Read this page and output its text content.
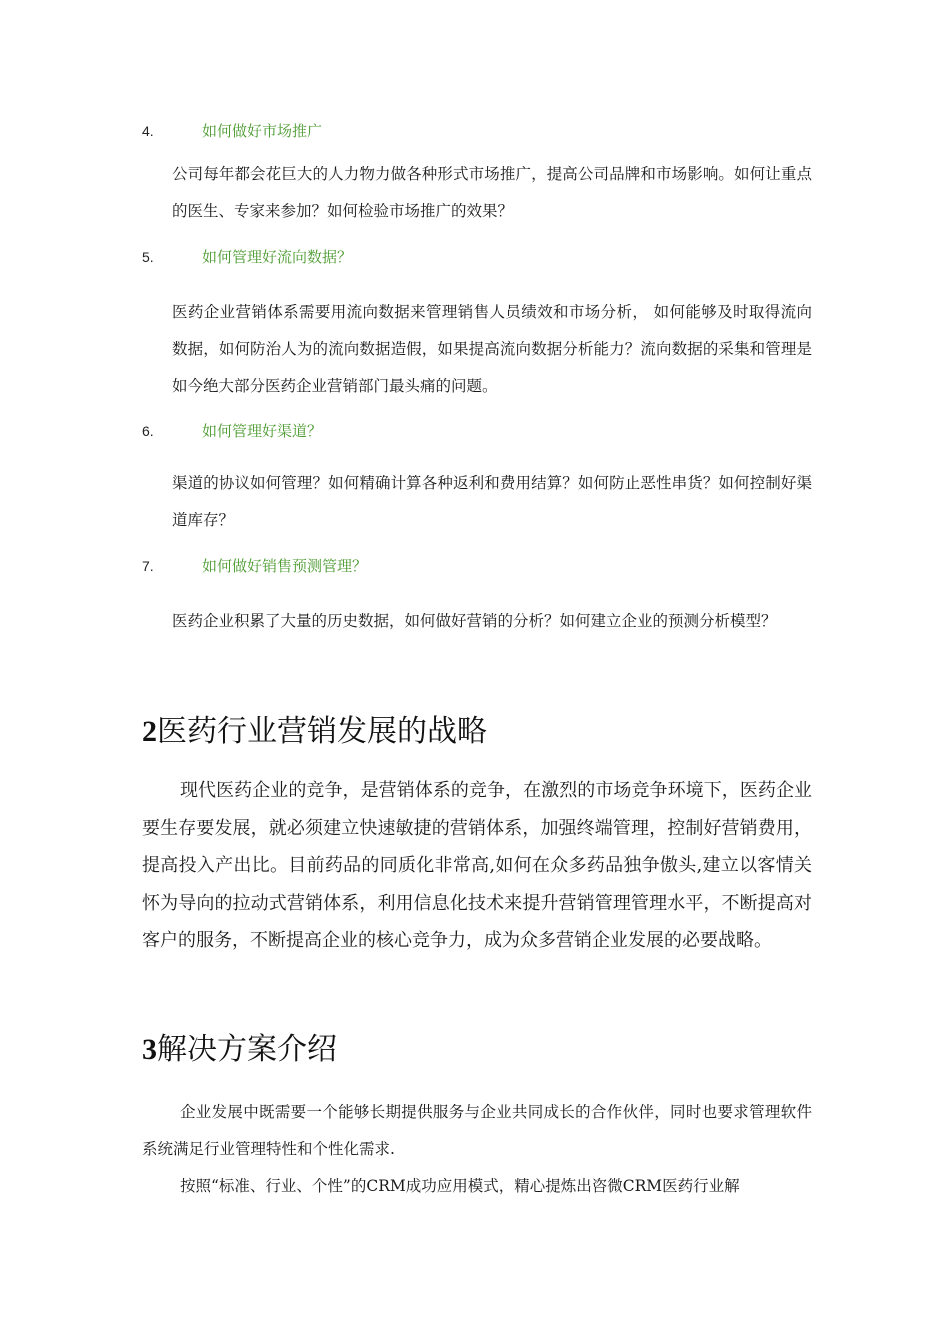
4.	如何做好市场推广
公司每年都会花巨大的人力物力做各种形式市场推广，提高公司品牌和市场影响。如何让重点的医生、专家来参加？如何检验市场推广的效果？
5.	如何管理好流向数据？
医药企业营销体系需要用流向数据来管理销售人员绩效和市场分析， 如何能够及时取得流向数据，如何防治人为的流向数据造假，如果提高流向数据分析能力？流向数据的采集和管理是如今绝大部分医药企业营销部门最头痛的问题。
6.	如何管理好渠道？
渠道的协议如何管理？如何精确计算各种返利和费用结算？如何防止恶性串货？如何控制好渠道库存？
7.	如何做好销售预测管理？
医药企业积累了大量的历史数据，如何做好营销的分析？如何建立企业的预测分析模型？
2医药行业营销发展的战略
现代医药企业的竞争，是营销体系的竞争，在激烈的市场竞争环境下，医药企业要生存要发展，就必须建立快速敏捷的营销体系，加强终端管理，控制好营销费用，提高投入产出比。目前药品的同质化非常高,如何在众多药品独争傲头,建立以客情关怀为导向的拉动式营销体系，利用信息化技术来提升营销管理管理水平，不断提高对客户的服务，不断提高企业的核心竞争力，成为众多营销企业发展的必要战略。
3解决方案介绍
企业发展中既需要一个能够长期提供服务与企业共同成长的合作伙伴，同时也要求管理软件系统满足行业管理特性和个性化需求.
按照“标准、行业、个性”的CRM成功应用模式，精心提炼出咨微CRM医药行业解
